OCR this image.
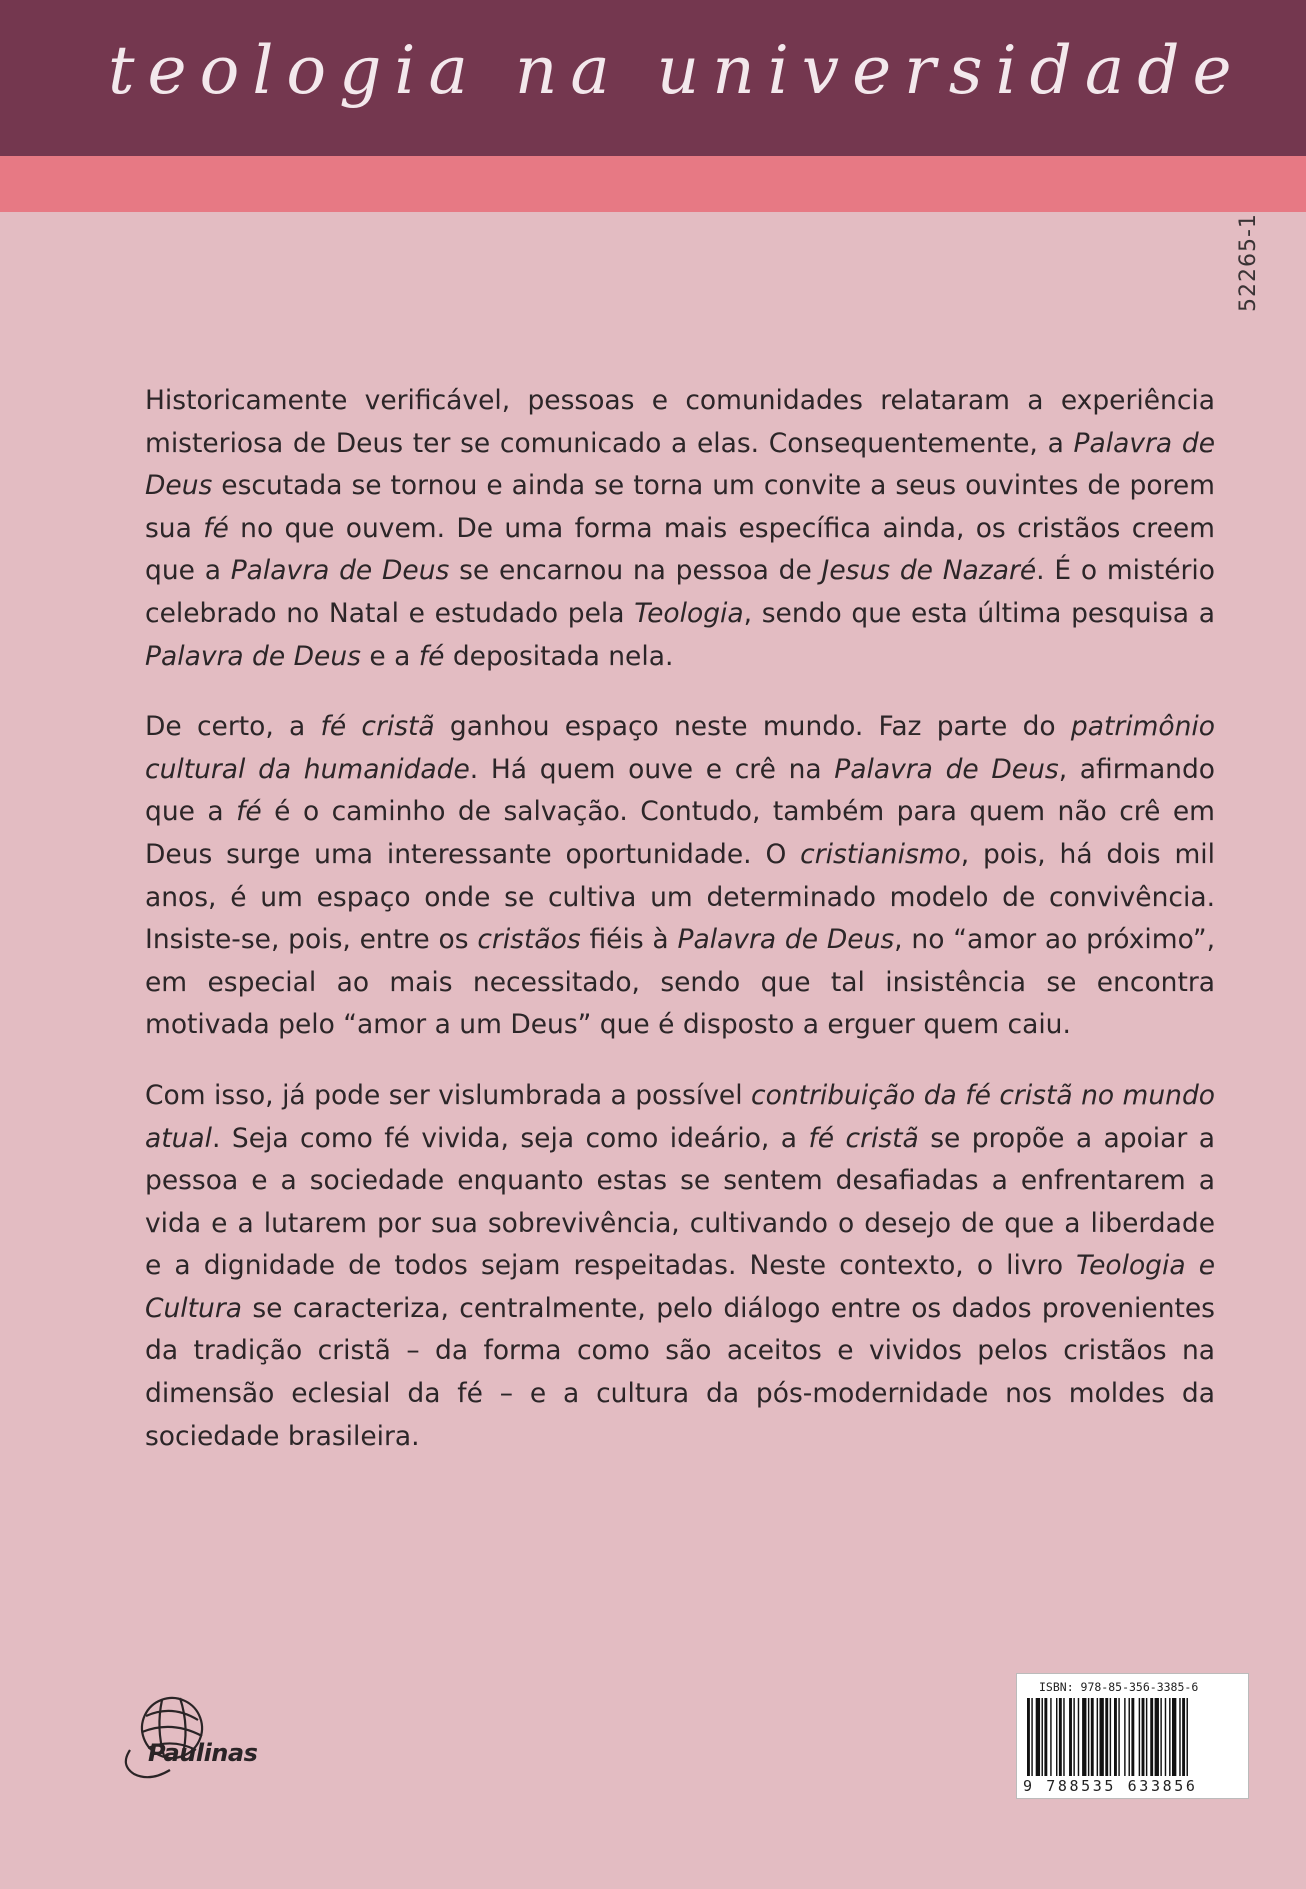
teologia na universidade
52265-1

Historicamente verificável, pessoas e comunidades relataram a experiência misteriosa de Deus ter se comunicado a elas. Consequentemente, a Palavra de Deus escutada se tornou e ainda se torna um convite a seus ouvintes de porem sua fé no que ouvem. De uma forma mais específica ainda, os cristãos creem que a Palavra de Deus se encarnou na pessoa de Jesus de Nazaré. É o mistério celebrado no Natal e estudado pela Teologia, sendo que esta última pesquisa a Palavra de Deus e a fé depositada nela.

De certo, a fé cristã ganhou espaço neste mundo. Faz parte do patrimônio cultural da humanidade. Há quem ouve e crê na Palavra de Deus, afirmando que a fé é o caminho de salvação. Contudo, também para quem não crê em Deus surge uma interessante oportunidade. O cristianismo, pois, há dois mil anos, é um espaço onde se cultiva um determinado modelo de convivência. Insiste-se, pois, entre os cristãos fiéis à Palavra de Deus, no “amor ao próximo”, em especial ao mais necessitado, sendo que tal insistência se encontra motivada pelo “amor a um Deus” que é disposto a erguer quem caiu.

Com isso, já pode ser vislumbrada a possível contribuição da fé cristã no mundo atual. Seja como fé vivida, seja como ideário, a fé cristã se propõe a apoiar a pessoa e a sociedade enquanto estas se sentem desafiadas a enfrentarem a vida e a lutarem por sua sobrevivência, cultivando o desejo de que a liberdade e a dignidade de todos sejam respeitadas. Neste contexto, o livro Teologia e Cultura se caracteriza, centralmente, pelo diálogo entre os dados provenientes da tradição cristã – da forma como são aceitos e vividos pelos cristãos na dimensão eclesial da fé – e a cultura da pós-modernidade nos moldes da sociedade brasileira.

Paulinas
ISBN: 978-85-356-3385-6
9 788535 633856
